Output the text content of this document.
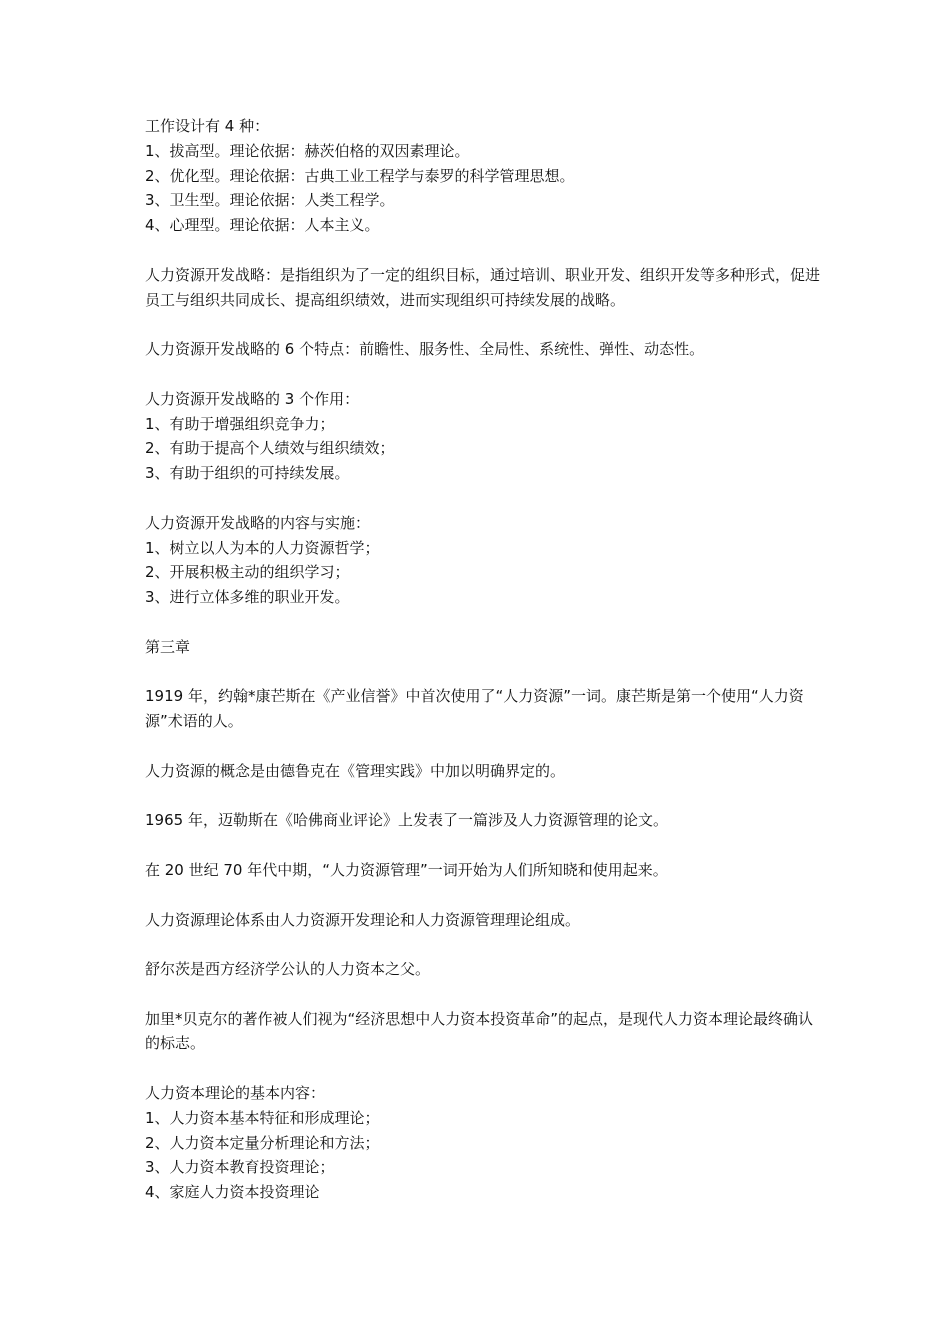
工作设计有 4 种：
1、拔高型。理论依据：赫茨伯格的双因素理论。
2、优化型。理论依据：古典工业工程学与泰罗的科学管理思想。
3、卫生型。理论依据：人类工程学。
4、心理型。理论依据：人本主义。
人力资源开发战略：是指组织为了一定的组织目标，通过培训、职业开发、组织开发等多种形式，促进员工与组织共同成长、提高组织绩效，进而实现组织可持续发展的战略。
人力资源开发战略的 6 个特点：前瞻性、服务性、全局性、系统性、弹性、动态性。
人力资源开发战略的 3 个作用：
1、有助于增强组织竞争力；
2、有助于提高个人绩效与组织绩效；
3、有助于组织的可持续发展。
人力资源开发战略的内容与实施：
1、树立以人为本的人力资源哲学；
2、开展积极主动的组织学习；
3、进行立体多维的职业开发。
第三章
1919 年，约翰*康芒斯在《产业信誉》中首次使用了“人力资源”一词。康芒斯是第一个使用“人力资源”术语的人。
人力资源的概念是由德鲁克在《管理实践》中加以明确界定的。
1965 年，迈勒斯在《哈佛商业评论》上发表了一篇涉及人力资源管理的论文。
在 20 世纪 70 年代中期，“人力资源管理”一词开始为人们所知晓和使用起来。
人力资源理论体系由人力资源开发理论和人力资源管理理论组成。
舒尔茨是西方经济学公认的人力资本之父。
加里*贝克尔的著作被人们视为“经济思想中人力资本投资革命”的起点，是现代人力资本理论最终确认的标志。
人力资本理论的基本内容：
1、人力资本基本特征和形成理论；
2、人力资本定量分析理论和方法；
3、人力资本教育投资理论；
4、家庭人力资本投资理论
